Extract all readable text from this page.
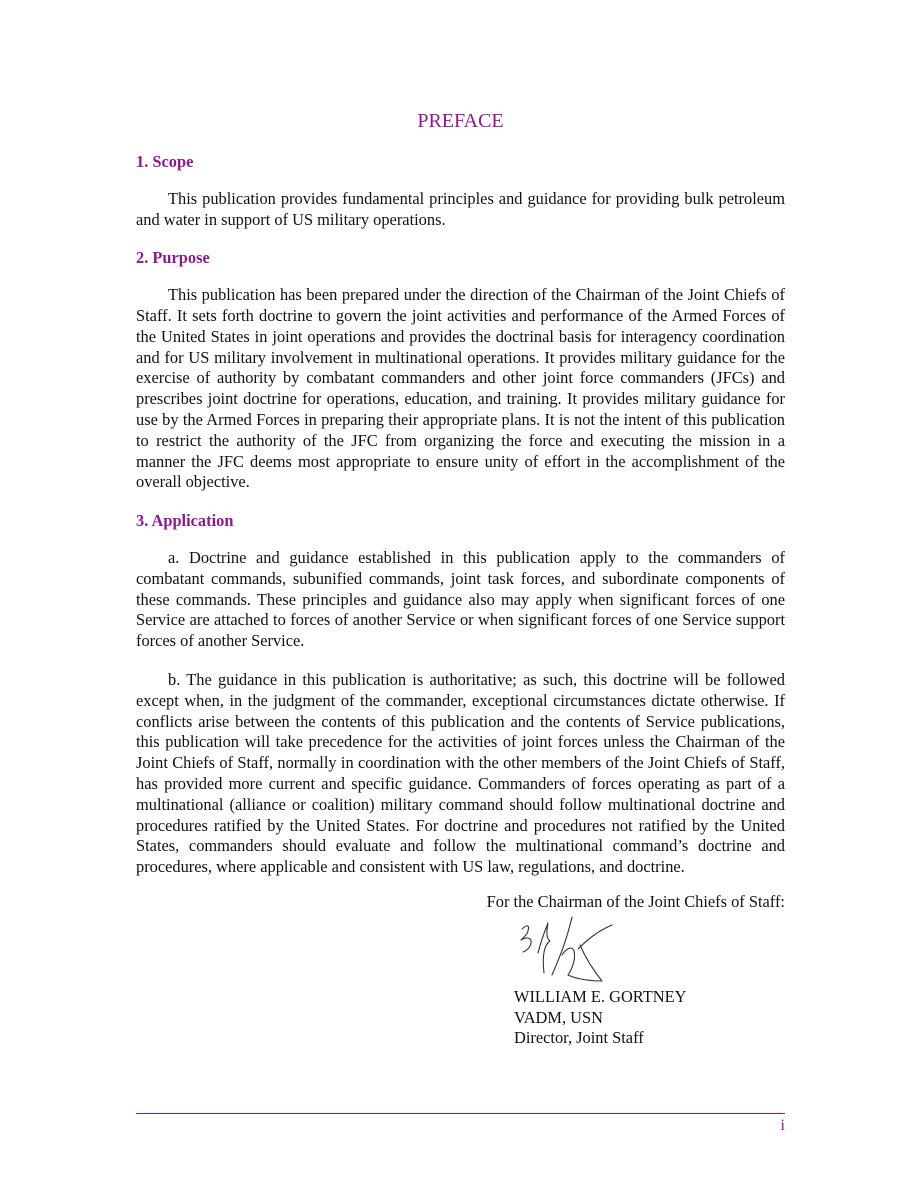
PREFACE

1. Scope

This publication provides fundamental principles and guidance for providing bulk petroleum and water in support of US military operations.

2. Purpose

This publication has been prepared under the direction of the Chairman of the Joint Chiefs of Staff. It sets forth doctrine to govern the joint activities and performance of the Armed Forces of the United States in joint operations and provides the doctrinal basis for interagency coordination and for US military involvement in multinational operations. It provides military guidance for the exercise of authority by combatant commanders and other joint force commanders (JFCs) and prescribes joint doctrine for operations, education, and training. It provides military guidance for use by the Armed Forces in preparing their appropriate plans. It is not the intent of this publication to restrict the authority of the JFC from organizing the force and executing the mission in a manner the JFC deems most appropriate to ensure unity of effort in the accomplishment of the overall objective.

3. Application

a. Doctrine and guidance established in this publication apply to the commanders of combatant commands, subunified commands, joint task forces, and subordinate components of these commands. These principles and guidance also may apply when significant forces of one Service are attached to forces of another Service or when significant forces of one Service support forces of another Service.

b. The guidance in this publication is authoritative; as such, this doctrine will be followed except when, in the judgment of the commander, exceptional circumstances dictate otherwise. If conflicts arise between the contents of this publication and the contents of Service publications, this publication will take precedence for the activities of joint forces unless the Chairman of the Joint Chiefs of Staff, normally in coordination with the other members of the Joint Chiefs of Staff, has provided more current and specific guidance. Commanders of forces operating as part of a multinational (alliance or coalition) military command should follow multinational doctrine and procedures ratified by the United States. For doctrine and procedures not ratified by the United States, commanders should evaluate and follow the multinational command’s doctrine and procedures, where applicable and consistent with US law, regulations, and doctrine.

For the Chairman of the Joint Chiefs of Staff:

WILLIAM E. GORTNEY
VADM, USN
Director, Joint Staff
i
